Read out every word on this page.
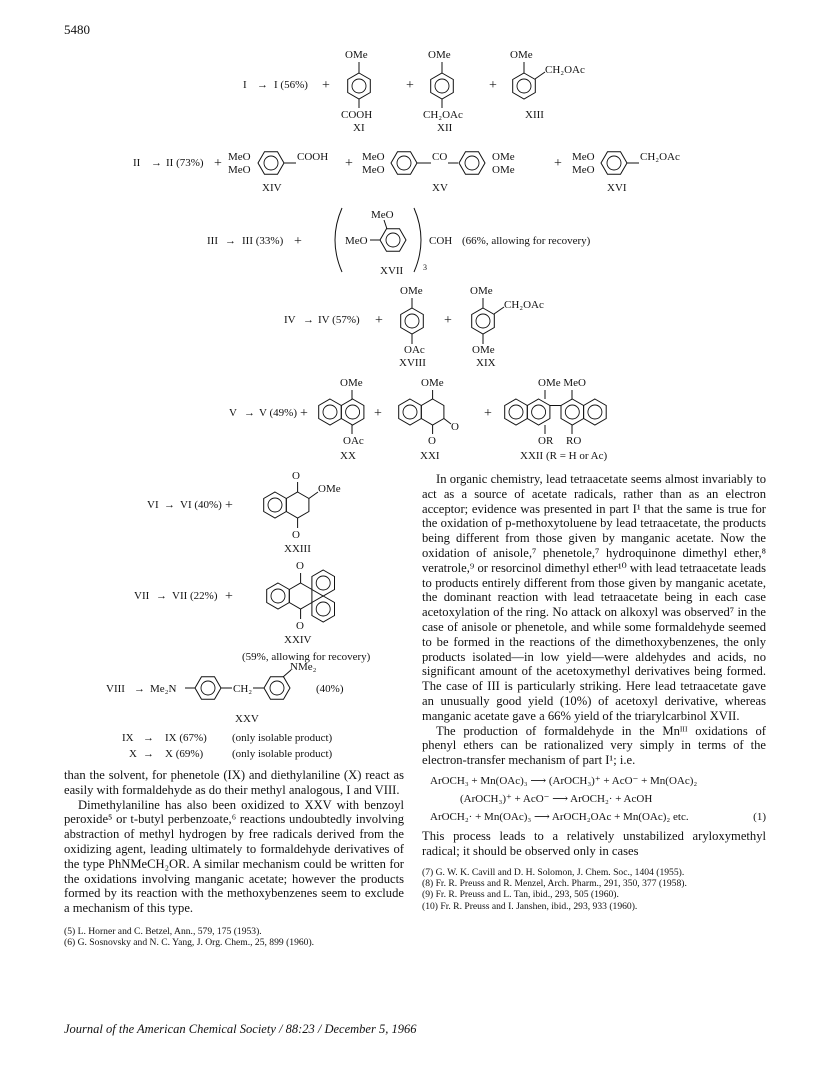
5480
I → I (56%) +
OMe
COOH
XI
+
OMe
CH₂OAc
XII
+
OMe
CH₂OAc
XIII
II → II (73%) + MeO
MeO
COOH
XIV
+ MeO
MeO
CO	OMe
OMe
XV
+ MeO
MeO
CH₂OAc
XVI
III → III (33%) +	MeO
MeO
3
COH (66%, allowing for recovery)
XVII
IV → IV (57%) +
OMe
OAc
XVIII
+
OMe
CH₂OAc
OMe
XIX
V → V (49%) +
OMe
OAc
XX
+
OMe
O
O
XXI
+
OMe MeO
OR RO
XXII (R = H or Ac)
VI → VI (40%) +
O
OMe
O
XXIII
VII → VII (22%) +
O
O
XXIV
(59%, allowing for recovery)
VIII → Me₂N	CH₂
NMe₂
(40%)
XXV
IX → IX (67%) (only isolable product)
X → X (69%)	(only isolable product)

than the solvent, for phenetole (IX) and diethylaniline (X) react as easily with formaldehyde as do their methyl analogous, I and VIII.

Dimethylaniline has also been oxidized to XXV with benzoyl peroxide⁵ or t-butyl perbenzoate,⁶ reactions undoubtedly involving abstraction of methyl hydrogen by free radicals derived from the oxidizing agent, leading ultimately to formaldehyde derivatives of the type PhNMeCH₂OR. A similar mechanism could be written for the oxidations involving manganic acetate; however the products formed by its reaction with the methoxybenzenes seem to exclude a mechanism of this type.

(5) L. Horner and C. Betzel, Ann., 579, 175 (1953).
(6) G. Sosnovsky and N. C. Yang, J. Org. Chem., 25, 899 (1960).

In organic chemistry, lead tetraacetate seems almost invariably to act as a source of acetate radicals, rather than as an electron acceptor; evidence was presented in part I¹ that the same is true for the oxidation of p-methoxytoluene by lead tetraacetate, the products being different from those given by manganic acetate. Now the oxidation of anisole,⁷ phenetole,⁷ hydroquinone dimethyl ether,⁸ veratrole,⁹ or resorcinol dimethyl ether¹⁰ with lead tetraacetate leads to products entirely different from those given by manganic acetate, the dominant reaction with lead tetraacetate being in each case acetoxylation of the ring. No attack on alkoxyl was observed⁷ in the case of anisole or phenetole, and while some formaldehyde seemed to be formed in the reactions of the dimethoxybenzenes, the only products isolated—in low yield—were aldehydes and acids, no significant amount of the acetoxymethyl derivatives being formed. The case of III is particularly striking. Here lead tetraacetate gave an unusually good yield (10%) of acetoxyl derivative, whereas manganic acetate gave a 66% yield of the triarylcarbinol XVII.

The production of formaldehyde in the Mnᴵᴵᴵ oxidations of phenyl ethers can be rationalized very simply in terms of the electron-transfer mechanism of part I¹; i.e.

ArOCH₃ + Mn(OAc)₃ ⟶ (ArOCH₃)⁺ + AcO⁻ + Mn(OAc)₂
(ArOCH₃)⁺ + AcO⁻ ⟶ ArOCH₂· + AcOH
ArOCH₂· + Mn(OAc)₃ ⟶ ArOCH₂OAc + Mn(OAc)₂ etc.	(1)

This process leads to a relatively unstabilized aryloxymethyl radical; it should be observed only in cases

(7) G. W. K. Cavill and D. H. Solomon, J. Chem. Soc., 1404 (1955).
(8) Fr. R. Preuss and R. Menzel, Arch. Pharm., 291, 350, 377 (1958).
(9) Fr. R. Preuss and L. Tan, ibid., 293, 505 (1960).
(10) Fr. R. Preuss and I. Janshen, ibid., 293, 933 (1960).
Journal of the American Chemical Society / 88:23 / December 5, 1966
